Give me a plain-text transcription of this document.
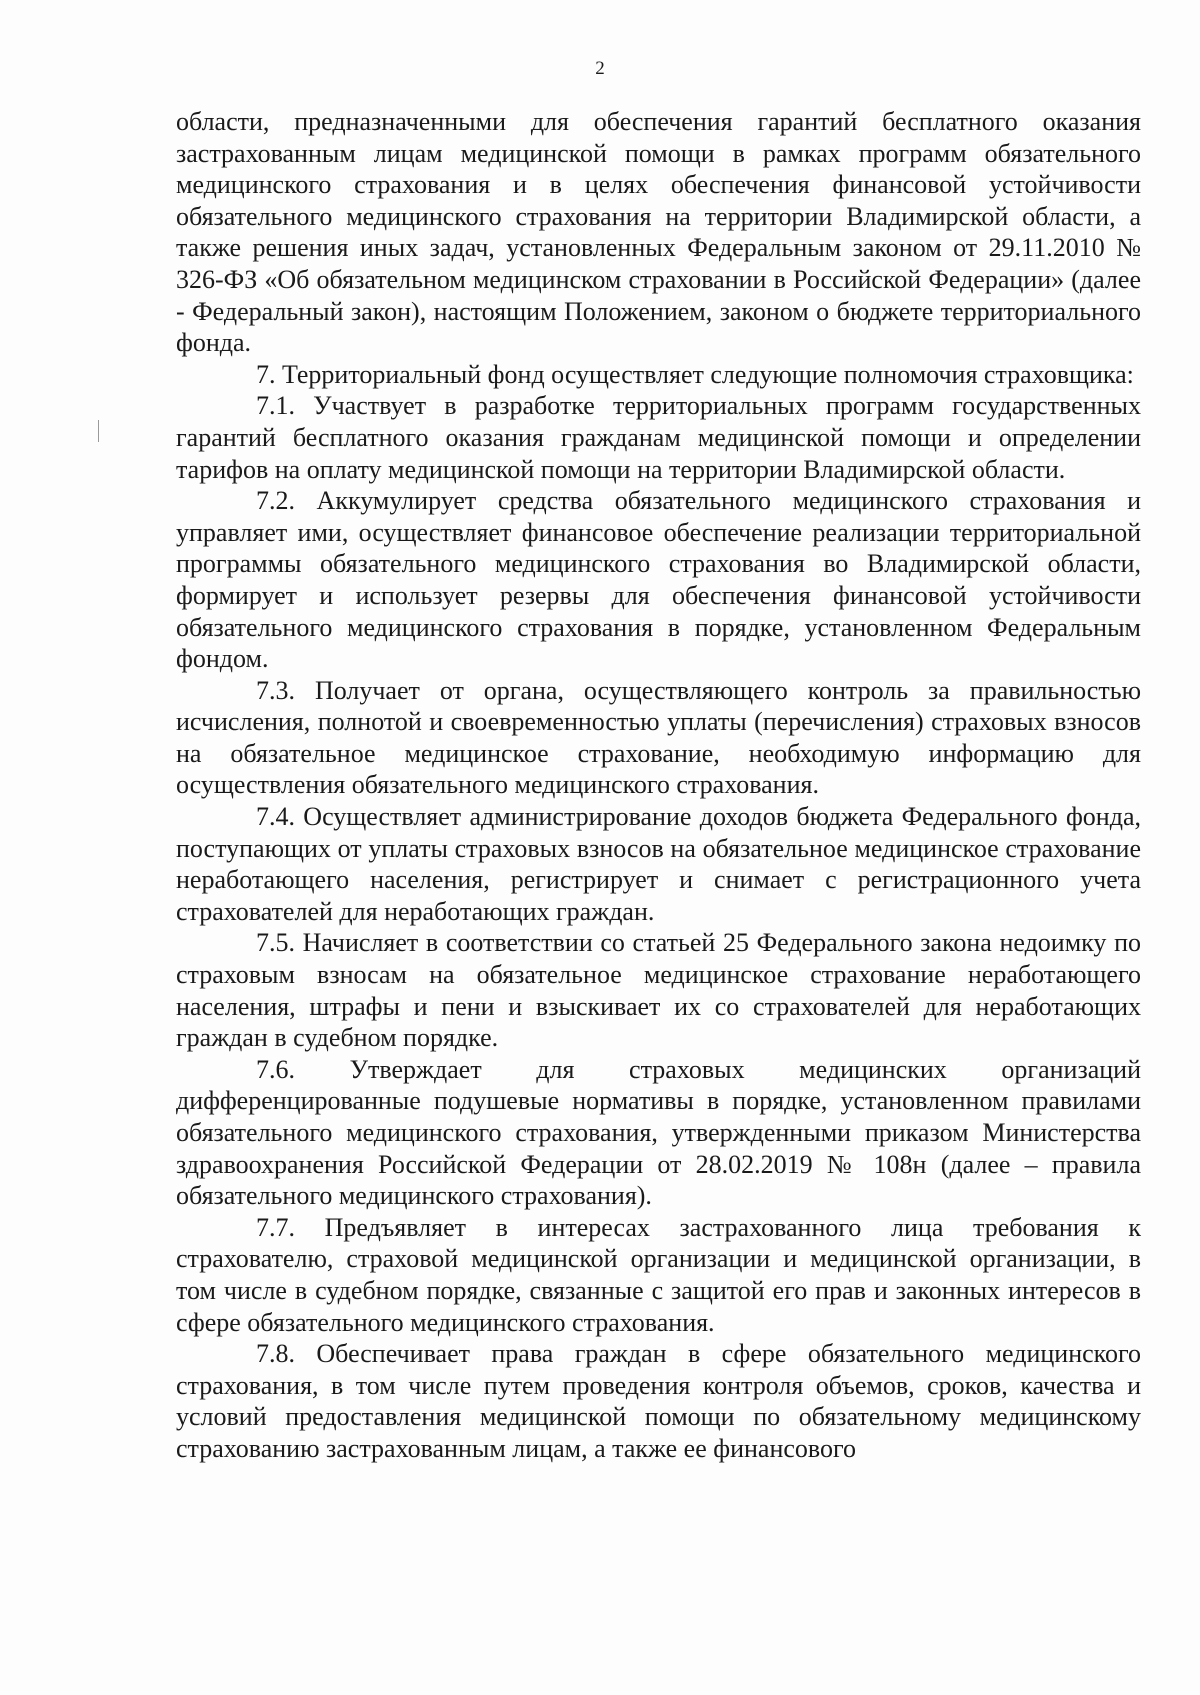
2

области, предназначенными для обеспечения гарантий бесплатного оказания застрахованным лицам медицинской помощи в рамках программ обязательного медицинского страхования и в целях обеспечения финансовой устойчивости обязательного медицинского страхования на территории Владимирской области, а также решения иных задач, установленных Федеральным законом от 29.11.2010 № 326-ФЗ «Об обязательном медицинском страховании в Российской Федерации» (далее - Федеральный закон), настоящим Положением, законом о бюджете территориального фонда.

7. Территориальный фонд осуществляет следующие полномочия страховщика:

7.1. Участвует в разработке территориальных программ государственных гарантий бесплатного оказания гражданам медицинской помощи и определении тарифов на оплату медицинской помощи на территории Владимирской области.

7.2. Аккумулирует средства обязательного медицинского страхования и управляет ими, осуществляет финансовое обеспечение реализации территориальной программы обязательного медицинского страхования во Владимирской области, формирует и использует резервы для обеспечения финансовой устойчивости обязательного медицинского страхования в порядке, установленном Федеральным фондом.

7.3. Получает от органа, осуществляющего контроль за правильностью исчисления, полнотой и своевременностью уплаты (перечисления) страховых взносов на обязательное медицинское страхование, необходимую информацию для осуществления обязательного медицинского страхования.

7.4. Осуществляет администрирование доходов бюджета Федерального фонда, поступающих от уплаты страховых взносов на обязательное медицинское страхование неработающего населения, регистрирует и снимает с регистрационного учета страхователей для неработающих граждан.

7.5. Начисляет в соответствии со статьей 25 Федерального закона недоимку по страховым взносам на обязательное медицинское страхование неработающего населения, штрафы и пени и взыскивает их со страхователей для неработающих граждан в судебном порядке.

7.6. Утверждает для страховых медицинских организаций дифференцированные подушевые нормативы в порядке, установленном правилами обязательного медицинского страхования, утвержденными приказом Министерства здравоохранения Российской Федерации от 28.02.2019 № 108н (далее – правила обязательного медицинского страхования).

7.7. Предъявляет в интересах застрахованного лица требования к страхователю, страховой медицинской организации и медицинской организации, в том числе в судебном порядке, связанные с защитой его прав и законных интересов в сфере обязательного медицинского страхования.

7.8. Обеспечивает права граждан в сфере обязательного медицинского страхования, в том числе путем проведения контроля объемов, сроков, качества и условий предоставления медицинской помощи по обязательному медицинскому страхованию застрахованным лицам, а также ее финансового
